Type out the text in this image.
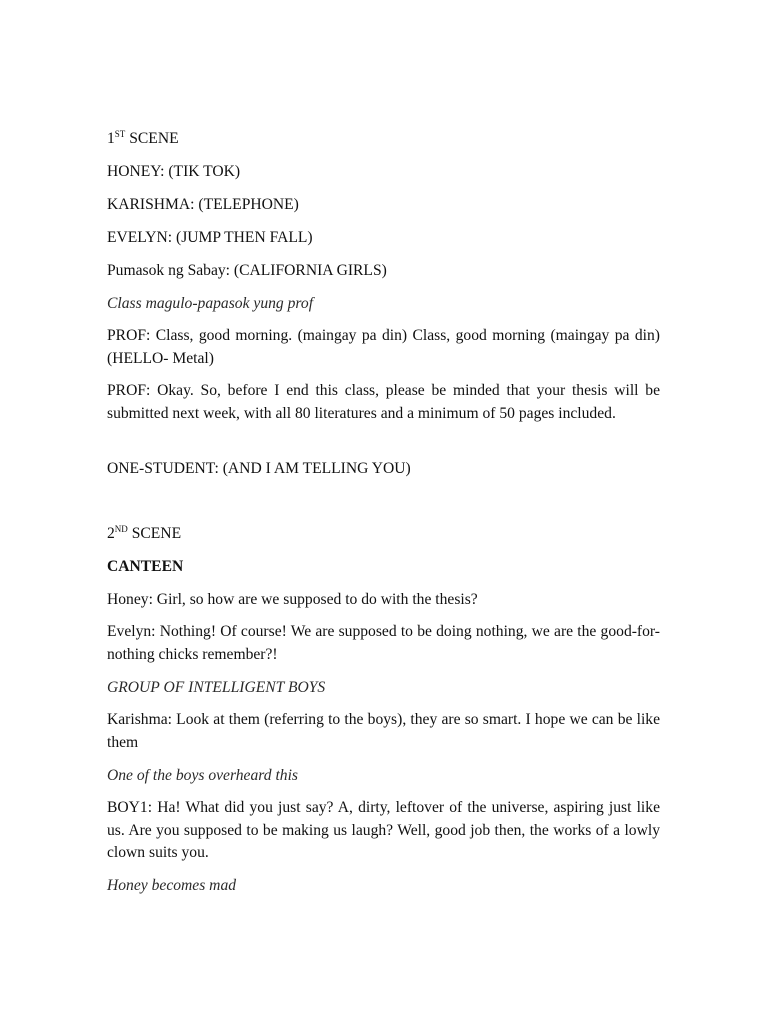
1ST SCENE
HONEY: (TIK TOK)
KARISHMA: (TELEPHONE)
EVELYN: (JUMP THEN FALL)
Pumasok ng Sabay: (CALIFORNIA GIRLS)
Class magulo-papasok yung prof
PROF: Class, good morning. (maingay pa din) Class, good morning (maingay pa din) (HELLO- Metal)
PROF: Okay. So, before I end this class, please be minded that your thesis will be submitted next week, with all 80 literatures and a minimum of 50 pages included.
ONE-STUDENT: (AND I AM TELLING YOU)
2ND SCENE
CANTEEN
Honey: Girl, so how are we supposed to do with the thesis?
Evelyn: Nothing! Of course! We are supposed to be doing nothing, we are the good-for-nothing chicks remember?!
GROUP OF INTELLIGENT BOYS
Karishma: Look at them (referring to the boys), they are so smart. I hope we can be like them
One of the boys overheard this
BOY1: Ha! What did you just say? A, dirty, leftover of the universe, aspiring just like us. Are you supposed to be making us laugh? Well, good job then, the works of a lowly clown suits you.
Honey becomes mad
